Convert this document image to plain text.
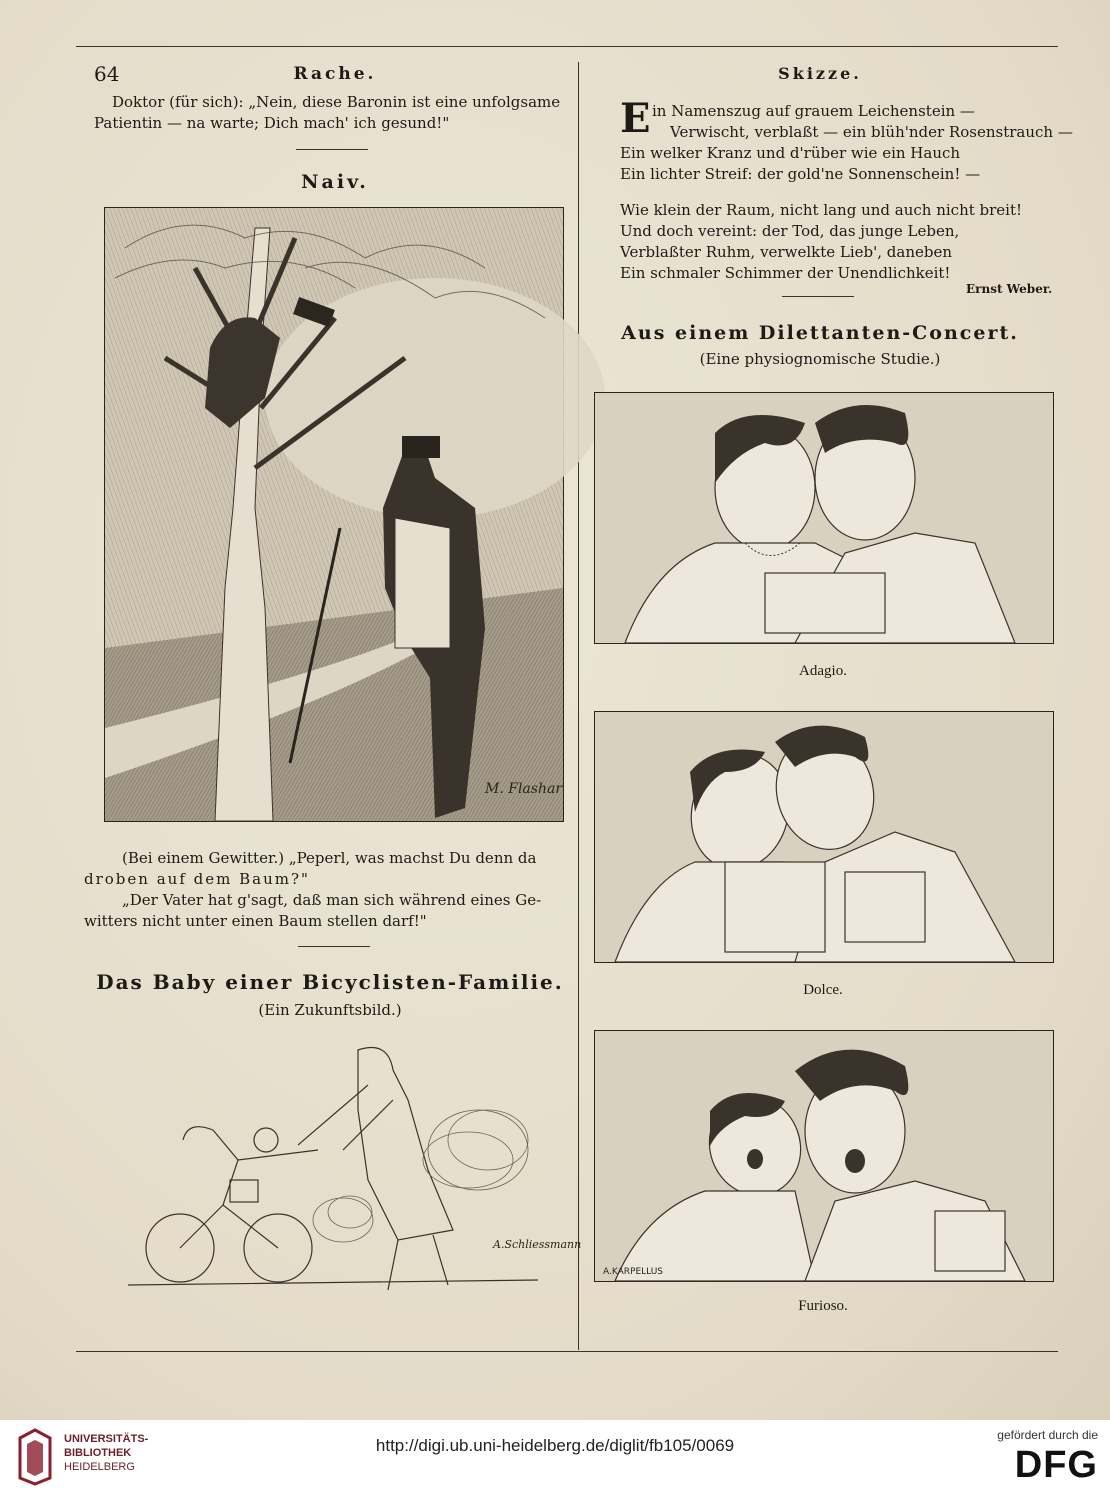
64	Rache.
Doktor (für sich): „Nein, diese Baronin ist eine unfolgsame
Patientin — na warte; Dich mach' ich gesund!"
Naiv.
M. Flashar
(Bei einem Gewitter.) „Peperl, was machst Du denn da
droben auf dem Baum?"
„Der Vater hat g'sagt, daß man sich während eines Ge-
witters nicht unter einen Baum stellen darf!"
Das Baby einer Bicyclisten-Familie.
(Ein Zukunftsbild.)
A.Schliessmann
Skizze.
E in Namenszug auf grauem Leichenstein —
Verwischt, verblaßt — ein blüh'nder Rosenstrauch —
Ein welker Kranz und d'rüber wie ein Hauch
Ein lichter Streif: der gold'ne Sonnenschein! —
Wie klein der Raum, nicht lang und auch nicht breit!
Und doch vereint: der Tod, das junge Leben,
Verblaßter Ruhm, verwelkte Lieb', daneben
Ein schmaler Schimmer der Unendlichkeit!
Ernst Weber.
Aus einem Dilettanten-Concert.
(Eine physiognomische Studie.)
Adagio.
Dolce.
A.KARPELLUS
Furioso.
UNIVERSITÄTS-
BIBLIOTHEK
HEIDELBERG
http://digi.ub.uni-heidelberg.de/diglit/fb105/0069
gefördert durch die
DFG
